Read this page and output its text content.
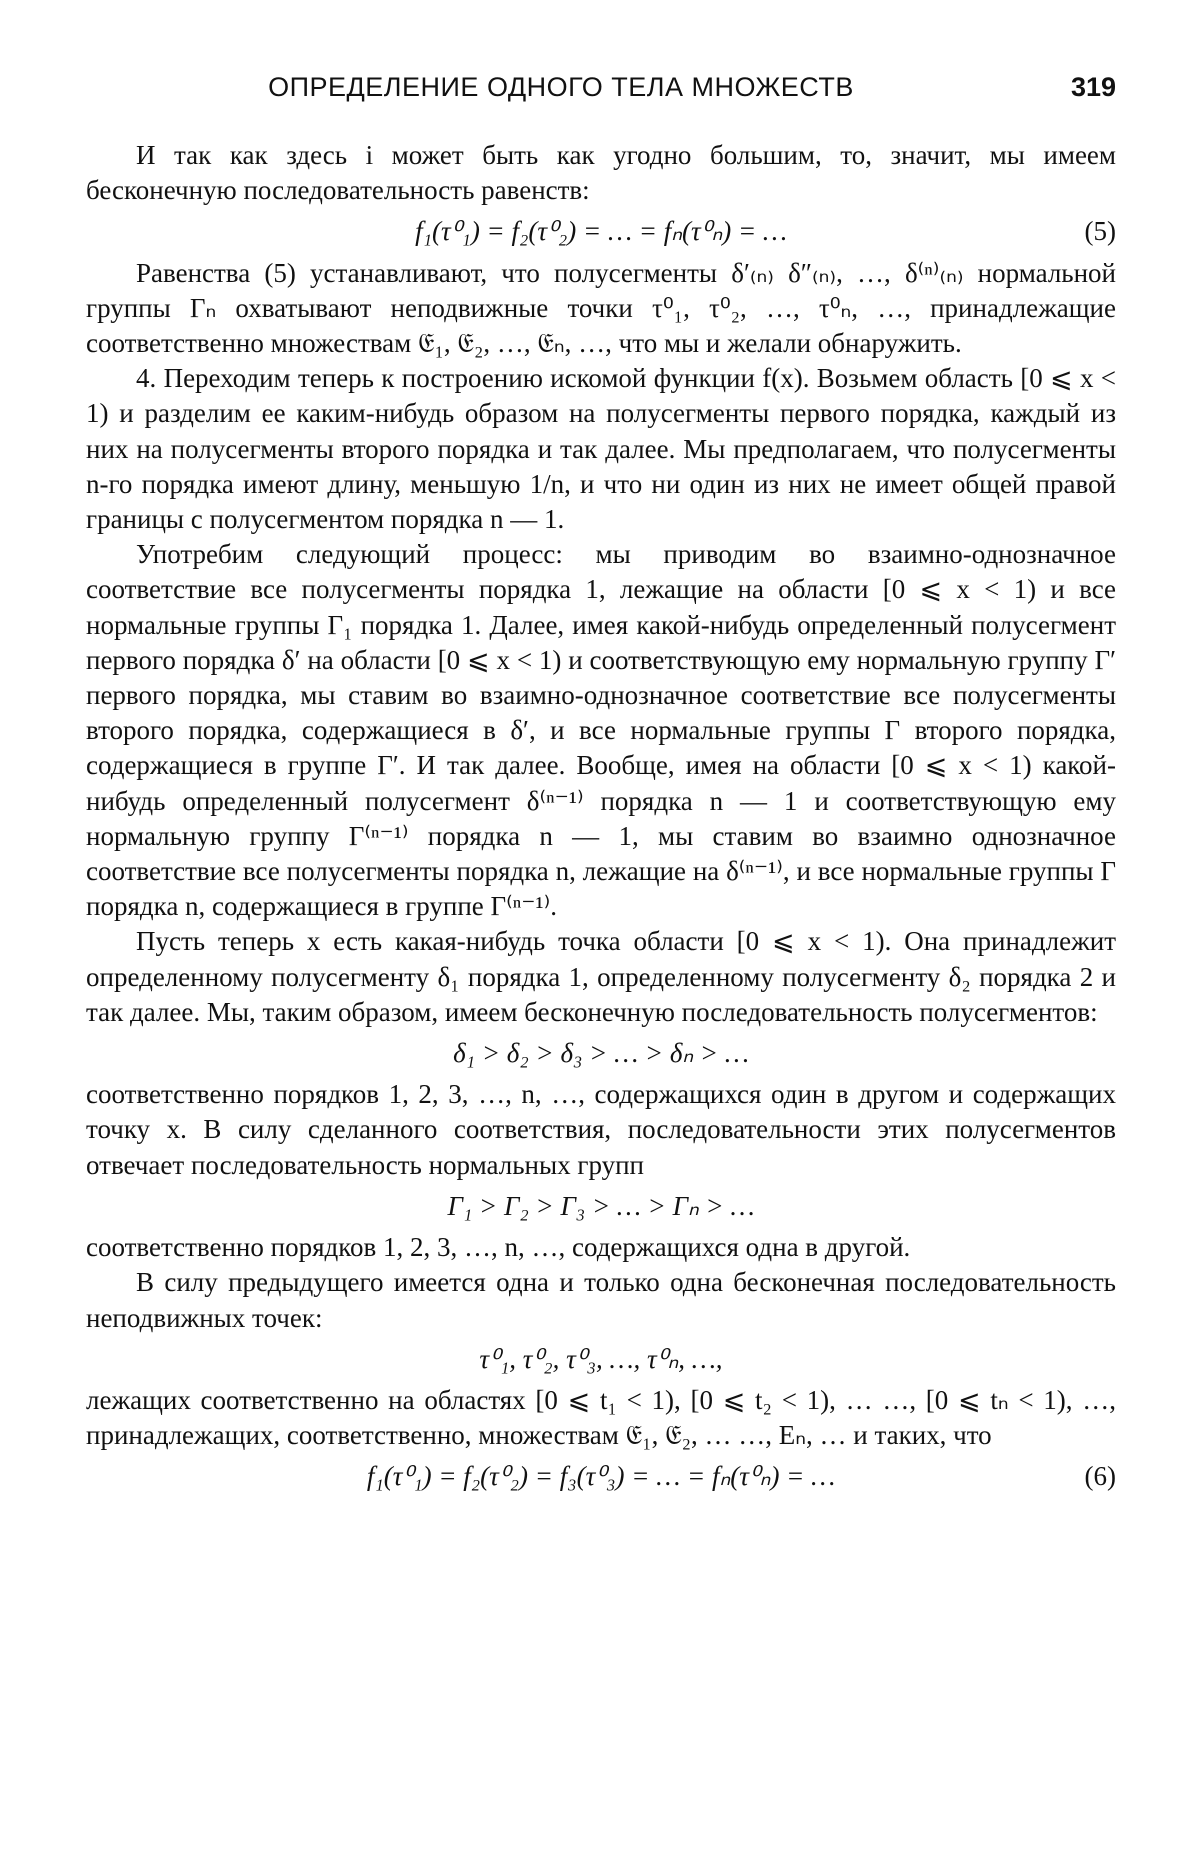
ОПРЕДЕЛЕНИЕ ОДНОГО ТЕЛА МНОЖЕСТВ	319

И так как здесь i может быть как угодно большим, то, значит, мы имеем бесконечную последовательность равенств:

f₁(τ⁰₁) = f₂(τ⁰₂) = … = fₙ(τ⁰ₙ) = …	(5)

Равенства (5) устанавливают, что полусегменты δ′₍ₙ₎ δ″₍ₙ₎, …, δ⁽ⁿ⁾₍ₙ₎ нормальной группы Γₙ охватывают неподвижные точки τ⁰₁, τ⁰₂, …, τ⁰ₙ, …, принадлежащие соответственно множествам 𝔈₁, 𝔈₂, …, 𝔈ₙ, …, что мы и желали обнаружить.

4. Переходим теперь к построению искомой функции f(x). Возьмем область [0 ⩽ x < 1) и разделим ее каким-нибудь образом на полусегменты первого порядка, каждый из них на полусегменты второго порядка и так далее. Мы предполагаем, что полусегменты n-го порядка имеют длину, меньшую 1/n, и что ни один из них не имеет общей правой границы с полусегментом порядка n — 1.

Употребим следующий процесс: мы приводим во взаимно-однозначное соответствие все полусегменты порядка 1, лежащие на области [0 ⩽ x < 1) и все нормальные группы Γ₁ порядка 1. Далее, имея какой-нибудь определенный полусегмент первого порядка δ′ на области [0 ⩽ x < 1) и соответствующую ему нормальную группу Γ′ первого порядка, мы ставим во взаимно-однозначное соответствие все полусегменты второго порядка, содержащиеся в δ′, и все нормальные группы Γ второго порядка, содержащиеся в группе Γ′. И так далее. Вообще, имея на области [0 ⩽ x < 1) какой-нибудь определенный полусегмент δ⁽ⁿ⁻¹⁾ порядка n — 1 и соответствующую ему нормальную группу Γ⁽ⁿ⁻¹⁾ порядка n — 1, мы ставим во взаимно однозначное соответствие все полусегменты порядка n, лежащие на δ⁽ⁿ⁻¹⁾, и все нормальные группы Γ порядка n, содержащиеся в группе Γ⁽ⁿ⁻¹⁾.

Пусть теперь x есть какая-нибудь точка области [0 ⩽ x < 1). Она принадлежит определенному полусегменту δ₁ порядка 1, определенному полусегменту δ₂ порядка 2 и так далее. Мы, таким образом, имеем бесконечную последовательность полусегментов:

δ₁ > δ₂ > δ₃ > … > δₙ > …

соответственно порядков 1, 2, 3, …, n, …, содержащихся один в другом и содержащих точку x. В силу сделанного соответствия, последовательности этих полусегментов отвечает последовательность нормальных групп

Γ₁ > Γ₂ > Γ₃ > … > Γₙ > …

соответственно порядков 1, 2, 3, …, n, …, содержащихся одна в другой.

В силу предыдущего имеется одна и только одна бесконечная последовательность неподвижных точек:

τ⁰₁, τ⁰₂, τ⁰₃, …, τ⁰ₙ, …,

лежащих соответственно на областях [0 ⩽ t₁ < 1), [0 ⩽ t₂ < 1), … …, [0 ⩽ tₙ < 1), …, принадлежащих, соответственно, множествам 𝔈₁, 𝔈₂, … …, Eₙ, … и таких, что

f₁(τ⁰₁) = f₂(τ⁰₂) = f₃(τ⁰₃) = … = fₙ(τ⁰ₙ) = …	(6)
